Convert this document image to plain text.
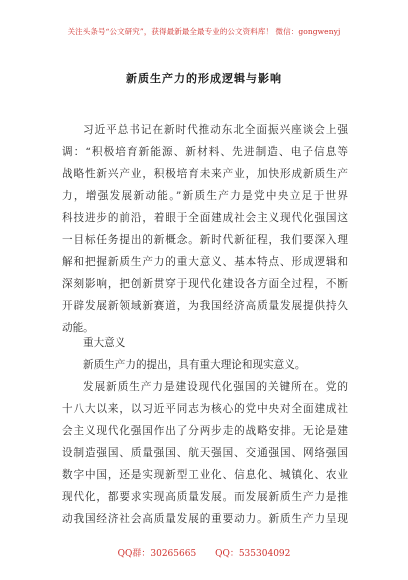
关注头条号“公文研究”，获得最新最全最专业的公文资料库！ 微信：gongwenyj
新质生产力的形成逻辑与影响
习近平总书记在新时代推动东北全面振兴座谈会上强
调：“积极培育新能源、新材料、先进制造、电子信息等
战略性新兴产业，积极培育未来产业，加快形成新质生产
力，增强发展新动能。”新质生产力是党中央立足于世界
科技进步的前沿，着眼于全面建成社会主义现代化强国这
一目标任务提出的新概念。新时代新征程，我们要深入理
解和把握新质生产力的重大意义、基本特点、形成逻辑和
深刻影响，把创新贯穿于现代化建设各方面全过程，不断
开辟发展新领域新赛道，为我国经济高质量发展提供持久
动能。
重大意义
新质生产力的提出，具有重大理论和现实意义。
发展新质生产力是建设现代化强国的关键所在。党的
十八大以来，以习近平同志为核心的党中央对全面建成社
会主义现代化强国作出了分两步走的战略安排。无论是建
设制造强国、质量强国、航天强国、交通强国、网络强国
数字中国，还是实现新型工业化、信息化、城镇化、农业
现代化，都要求实现高质量发展。而发展新质生产力是推
动我国经济社会高质量发展的重要动力。新质生产力呈现
QQ群：30265665 QQ：535304092
